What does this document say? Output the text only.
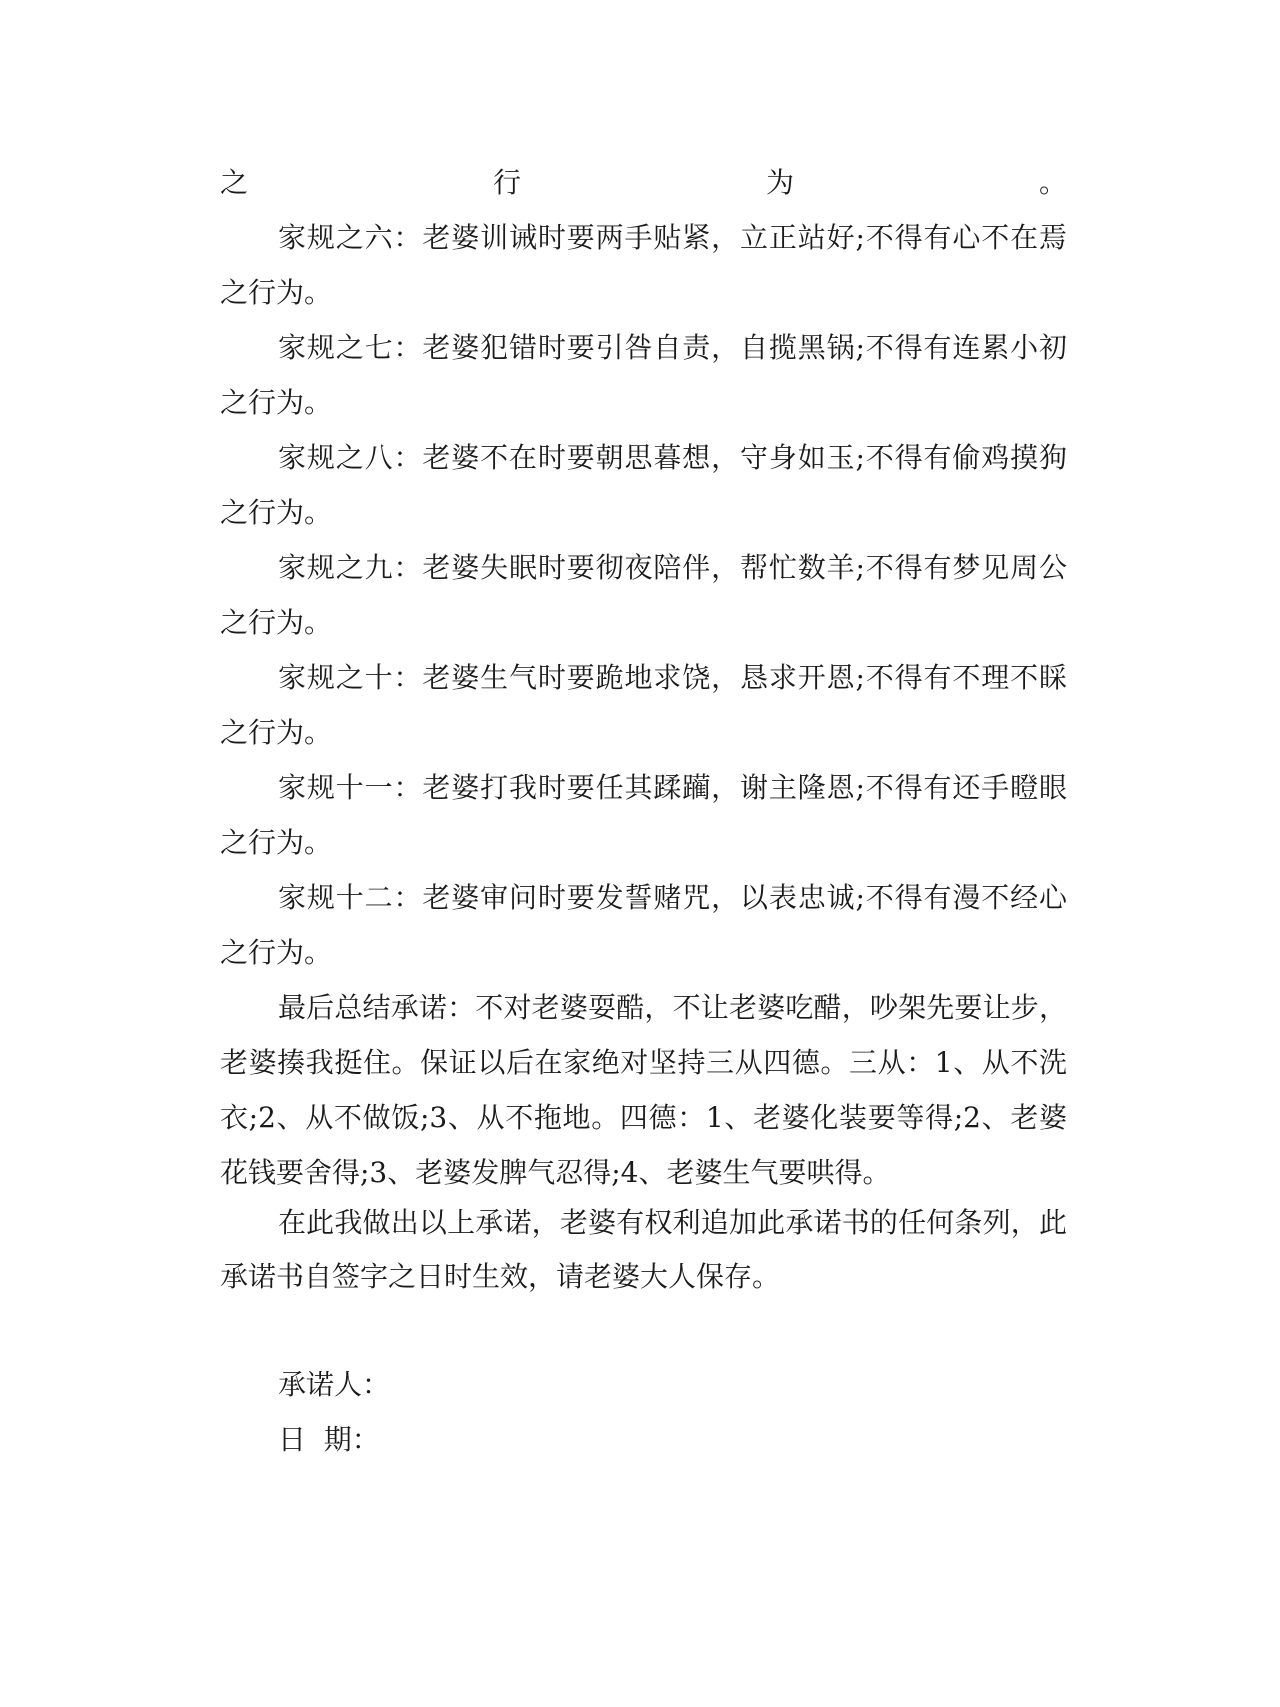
之行为。
家规之六：老婆训诫时要两手贴紧，立正站好;不得有心不在焉
之行为。
家规之七：老婆犯错时要引咎自责，自揽黑锅;不得有连累小初
之行为。
家规之八：老婆不在时要朝思暮想，守身如玉;不得有偷鸡摸狗
之行为。
家规之九：老婆失眠时要彻夜陪伴，帮忙数羊;不得有梦见周公
之行为。
家规之十：老婆生气时要跪地求饶，恳求开恩;不得有不理不睬
之行为。
家规十一：老婆打我时要任其蹂躏，谢主隆恩;不得有还手瞪眼
之行为。
家规十二：老婆审问时要发誓赌咒，以表忠诚;不得有漫不经心
之行为。
最后总结承诺：不对老婆耍酷，不让老婆吃醋，吵架先要让步，
老婆揍我挺住。保证以后在家绝对坚持三从四德。三从：1、从不洗
衣;2、从不做饭;3、从不拖地。四德：1、老婆化装要等得;2、老婆
花钱要舍得;3、老婆发脾气忍得;4、老婆生气要哄得。
在此我做出以上承诺，老婆有权利追加此承诺书的任何条列，此
承诺书自签字之日时生效，请老婆大人保存。
承诺人：
日  期：
